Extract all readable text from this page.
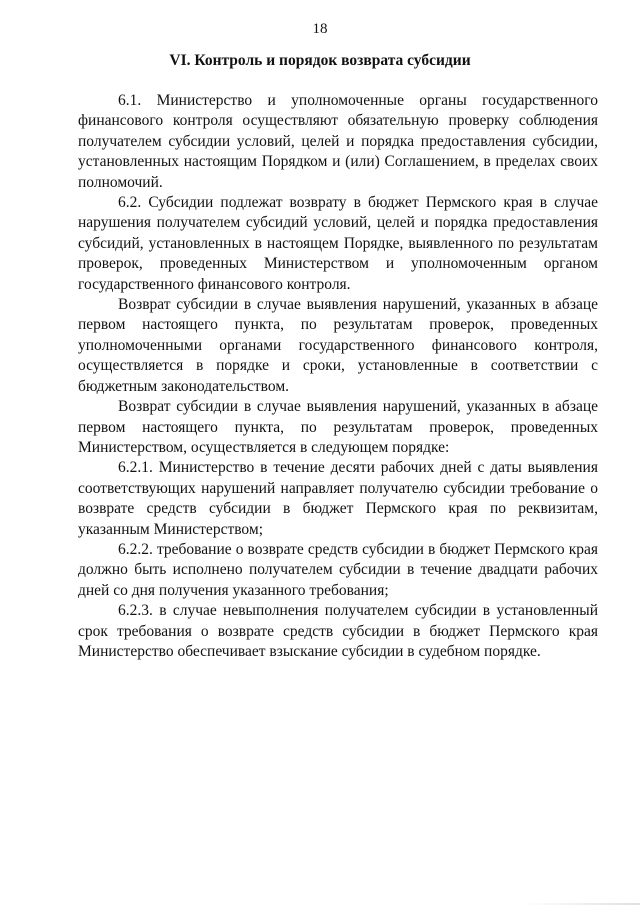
18
VI. Контроль и порядок возврата субсидии

6.1. Министерство и уполномоченные органы государственного финансового контроля осуществляют обязательную проверку соблюдения получателем субсидии условий, целей и порядка предоставления субсидии, установленных настоящим Порядком и (или) Соглашением, в пределах своих полномочий.

6.2. Субсидии подлежат возврату в бюджет Пермского края в случае нарушения получателем субсидий условий, целей и порядка предоставления субсидий, установленных в настоящем Порядке, выявленного по результатам проверок, проведенных Министерством и уполномоченным органом государственного финансового контроля.

Возврат субсидии в случае выявления нарушений, указанных в абзаце первом настоящего пункта, по результатам проверок, проведенных уполномоченными органами государственного финансового контроля, осуществляется в порядке и сроки, установленные в соответствии с бюджетным законодательством.

Возврат субсидии в случае выявления нарушений, указанных в абзаце первом настоящего пункта, по результатам проверок, проведенных Министерством, осуществляется в следующем порядке:

6.2.1. Министерство в течение десяти рабочих дней с даты выявления соответствующих нарушений направляет получателю субсидии требование о возврате средств субсидии в бюджет Пермского края по реквизитам, указанным Министерством;

6.2.2. требование о возврате средств субсидии в бюджет Пермского края должно быть исполнено получателем субсидии в течение двадцати рабочих дней со дня получения указанного требования;

6.2.3. в случае невыполнения получателем субсидии в установленный срок требования о возврате средств субсидии в бюджет Пермского края Министерство обеспечивает взыскание субсидии в судебном порядке.
